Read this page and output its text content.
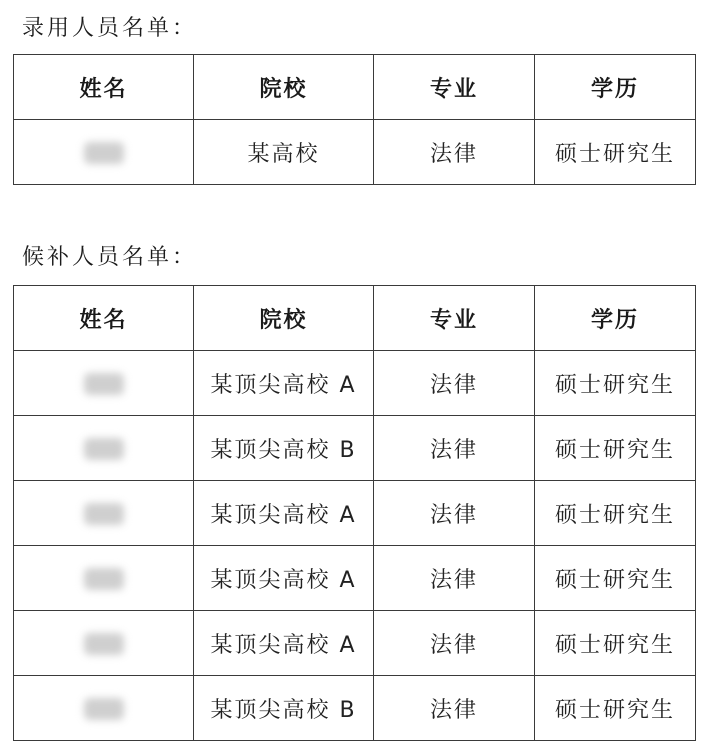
录用人员名单：
姓名	院校	专业	学历
	某高校	法律	硕士研究生
候补人员名单：
姓名	院校	专业	学历
	某顶尖高校 A	法律	硕士研究生
	某顶尖高校 B	法律	硕士研究生
	某顶尖高校 A	法律	硕士研究生
	某顶尖高校 A	法律	硕士研究生
	某顶尖高校 A	法律	硕士研究生
	某顶尖高校 B	法律	硕士研究生
